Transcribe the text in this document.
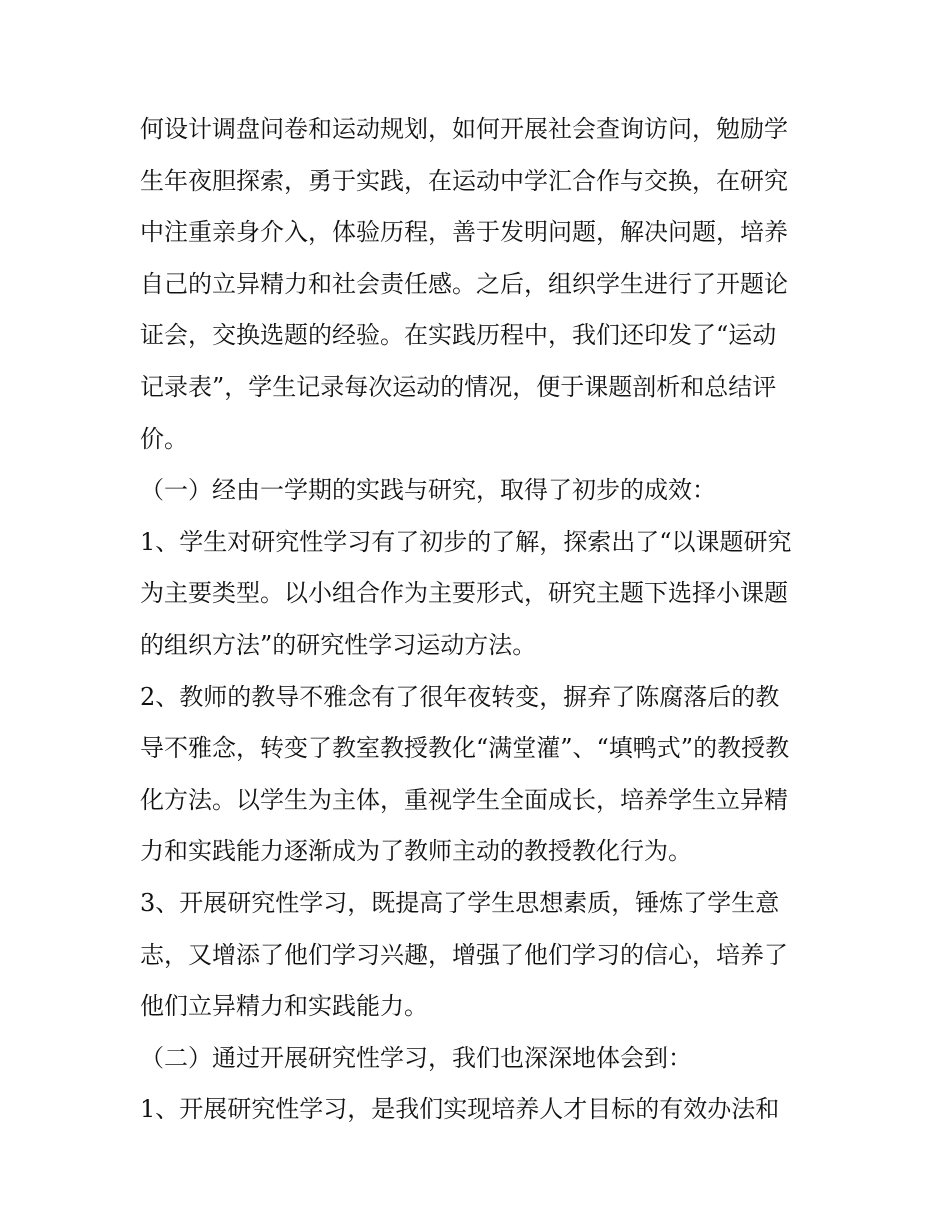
何设计调盘问卷和运动规划，如何开展社会查询访问，勉励学
生年夜胆探索，勇于实践，在运动中学汇合作与交换，在研究
中注重亲身介入，体验历程，善于发明问题，解决问题，培养
自己的立异精力和社会责任感。之后，组织学生进行了开题论
证会，交换选题的经验。在实践历程中，我们还印发了“运动
记录表”，学生记录每次运动的情况，便于课题剖析和总结评
价。
（一）经由一学期的实践与研究，取得了初步的成效：
1、学生对研究性学习有了初步的了解，探索出了“以课题研究
为主要类型。以小组合作为主要形式，研究主题下选择小课题
的组织方法”的研究性学习运动方法。
2、教师的教导不雅念有了很年夜转变，摒弃了陈腐落后的教
导不雅念，转变了教室教授教化“满堂灌”、“填鸭式”的教授教
化方法。以学生为主体，重视学生全面成长，培养学生立异精
力和实践能力逐渐成为了教师主动的教授教化行为。
3、开展研究性学习，既提高了学生思想素质，锤炼了学生意
志，又增添了他们学习兴趣，增强了他们学习的信心，培养了
他们立异精力和实践能力。
（二）通过开展研究性学习，我们也深深地体会到：
1、开展研究性学习，是我们实现培养人才目标的有效办法和
